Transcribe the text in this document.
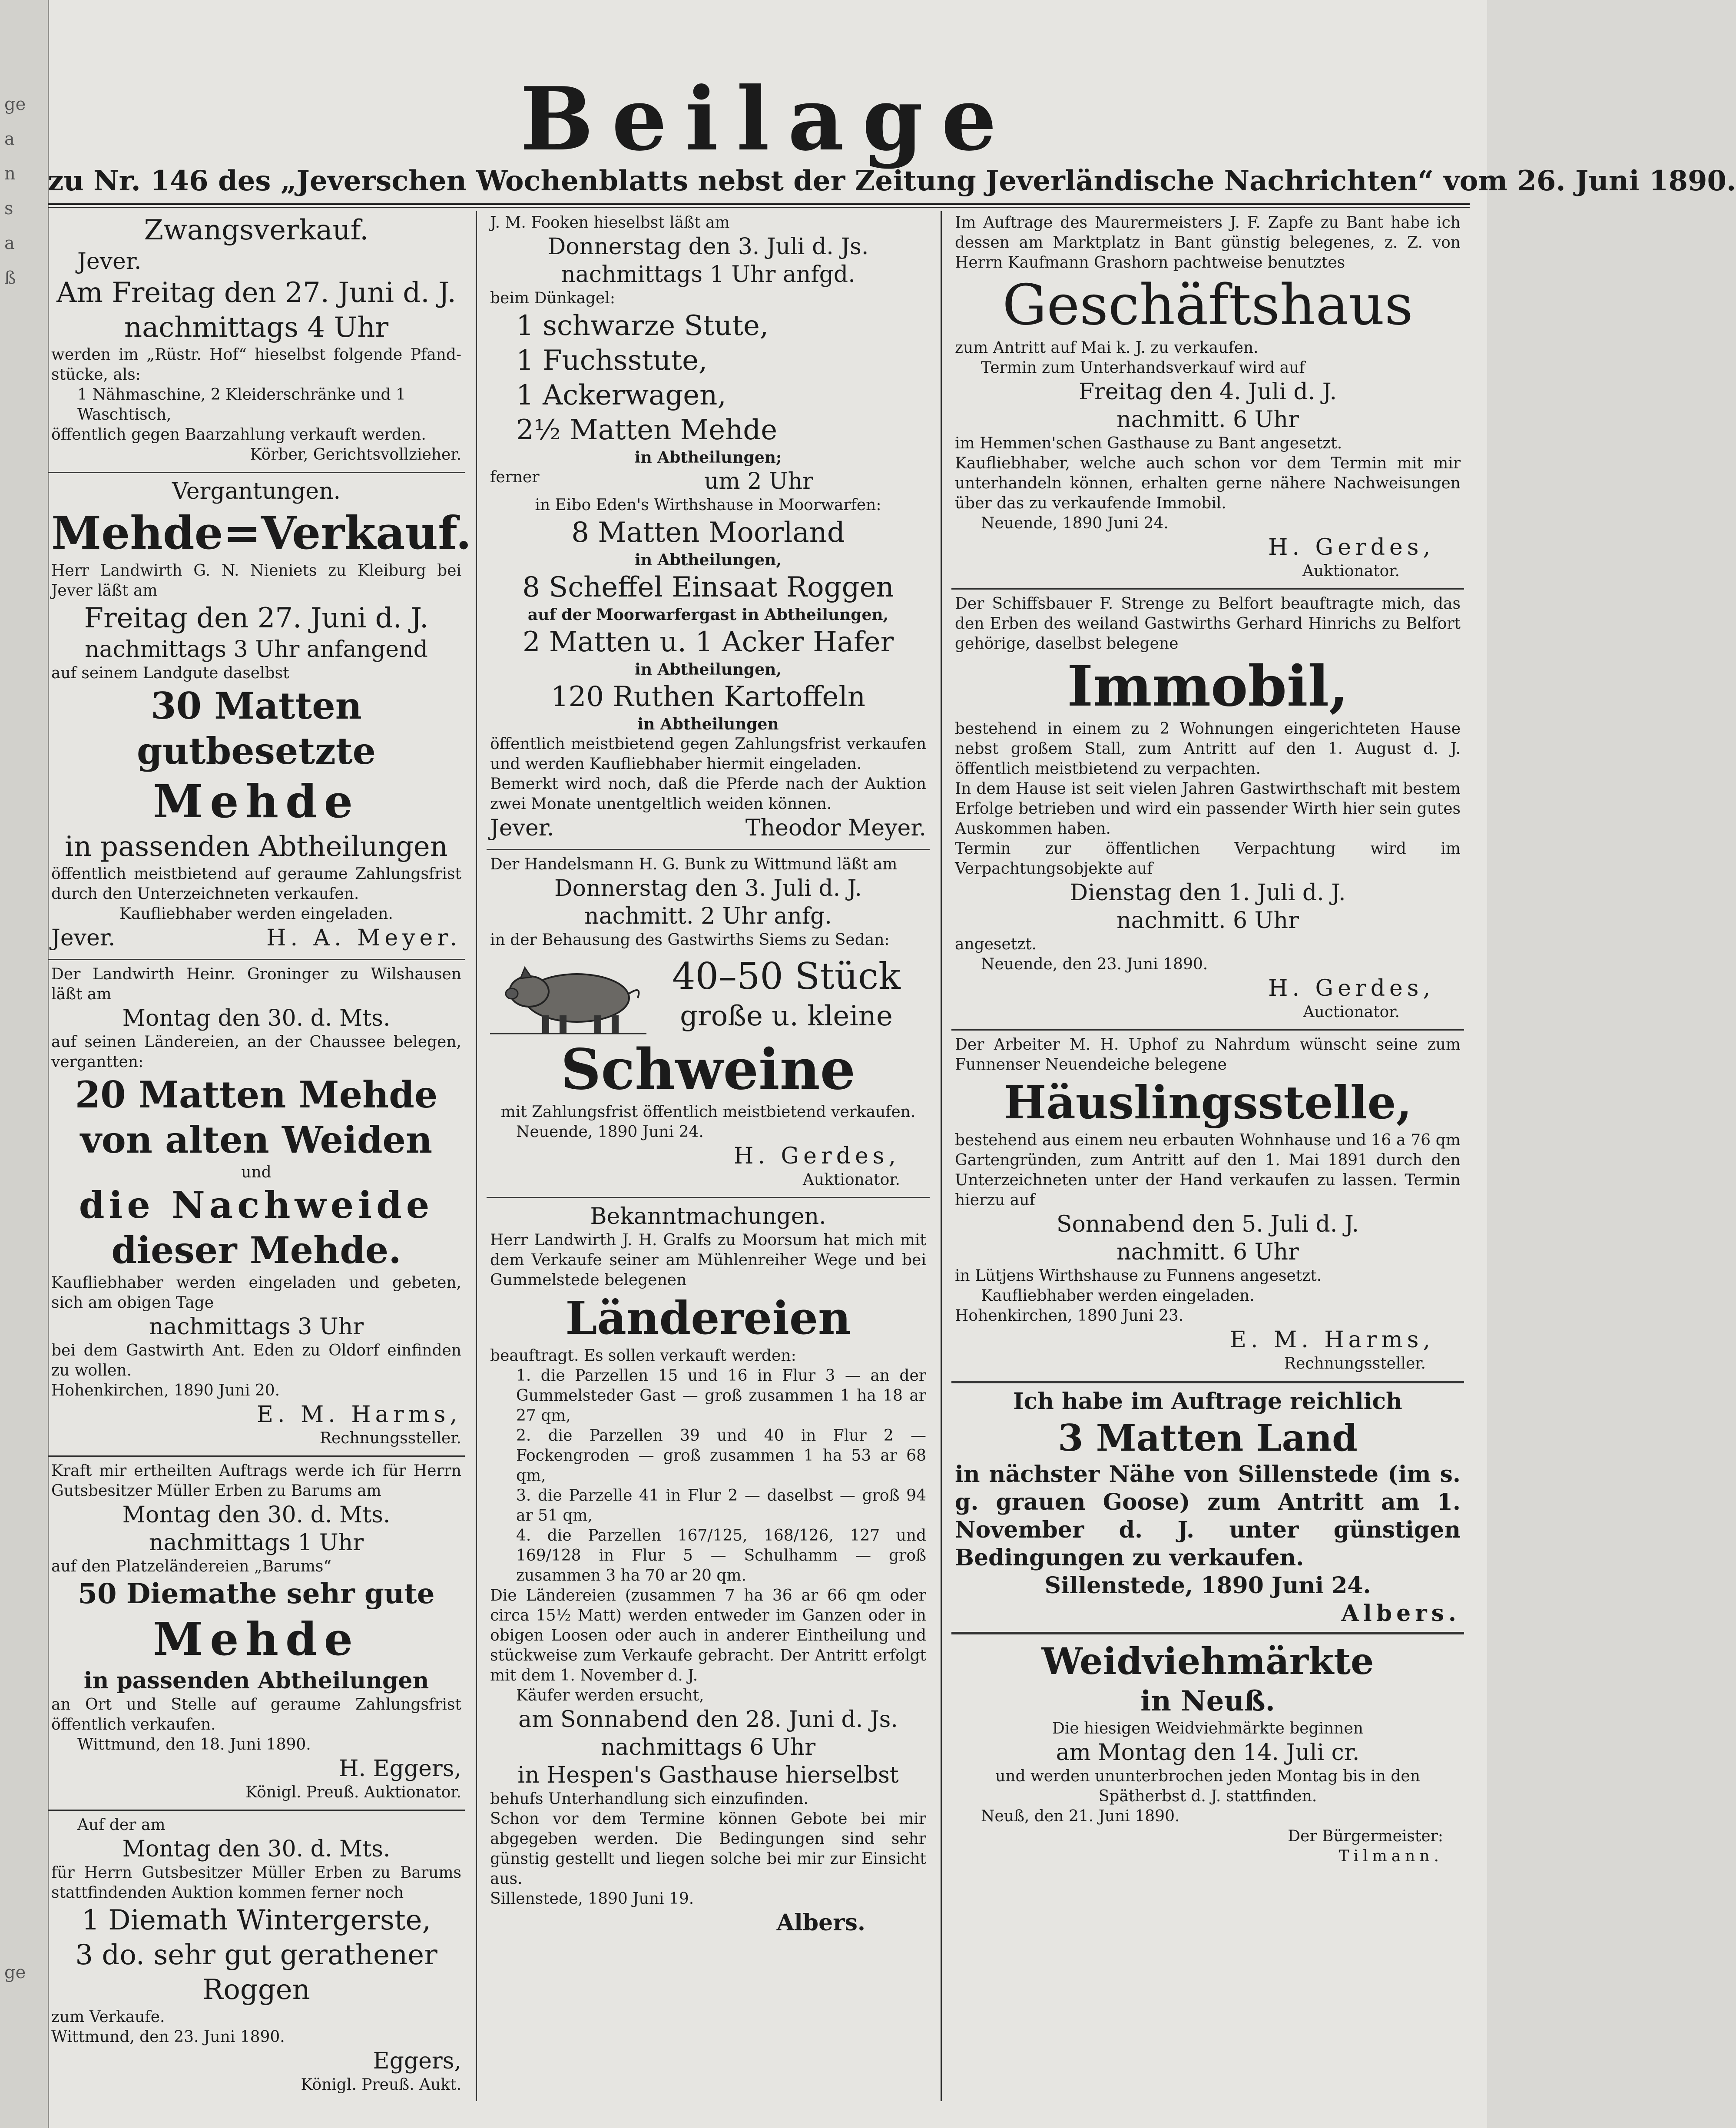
ge
a
n
s
a
ß
ge
Beilage
zu Nr. 146 des „Jeverschen Wochenblatts nebst der Zeitung Jeverländische Nachrichten“ vom 26. Juni 1890.

Zwangsverkauf.

Jever.

Am Freitag den 27. Juni d. J.

nachmittags 4 Uhr

werden im „Rüstr. Hof“ hieselbst folgende Pfand-stücke, als:

1 Nähmaschine, 2 Kleiderschränke und 1 Waschtisch,

öffentlich gegen Baarzahlung verkauft werden.

Körber, Gerichtsvollzieher.

Vergantungen.

Mehde=Verkauf.

Herr Landwirth G. N. Nieniets zu Kleiburg bei Jever läßt am

Freitag den 27. Juni d. J.

nachmittags 3 Uhr anfangend

auf seinem Landgute daselbst

30 Matten gutbesetzte

Mehde

in passenden Abtheilungen

öffentlich meistbietend auf geraume Zahlungsfrist durch den Unterzeichneten verkaufen.

Kaufliebhaber werden eingeladen.

Jever.	H. A. Meyer.

Der Landwirth Heinr. Groninger zu Wilshausen läßt am

Montag den 30. d. Mts.

auf seinen Ländereien, an der Chaussee belegen, vergantten:

20 Matten Mehde

von alten Weiden

und

die Nachweide

dieser Mehde.

Kaufliebhaber werden eingeladen und gebeten, sich am obigen Tage

nachmittags 3 Uhr

bei dem Gastwirth Ant. Eden zu Oldorf einfinden zu wollen.

Hohenkirchen, 1890 Juni 20.

E. M. Harms,

Rechnungssteller.

Kraft mir ertheilten Auftrags werde ich für Herrn Gutsbesitzer Müller Erben zu Barums am

Montag den 30. d. Mts.

nachmittags 1 Uhr

auf den Platzeländereien „Barums“

50 Diemathe sehr gute

Mehde

in passenden Abtheilungen

an Ort und Stelle auf geraume Zahlungsfrist öffentlich verkaufen.

Wittmund, den 18. Juni 1890.

H. Eggers,

Königl. Preuß. Auktionator.

Auf der am

Montag den 30. d. Mts.

für Herrn Gutsbesitzer Müller Erben zu Barums stattfindenden Auktion kommen ferner noch

1 Diemath Wintergerste,

3 do. sehr gut gerathener

Roggen

zum Verkaufe.

Wittmund, den 23. Juni 1890.

Eggers,

Königl. Preuß. Aukt.

J. M. Fooken hieselbst läßt am

Donnerstag den 3. Juli d. Js.

nachmittags 1 Uhr anfgd.

beim Dünkagel:

1 schwarze Stute,

1 Fuchsstute,

1 Ackerwagen,

2½ Matten Mehde

in Abtheilungen;

ferner	um 2 Uhr

in Eibo Eden's Wirthshause in Moorwarfen:

8 Matten Moorland

in Abtheilungen,

8 Scheffel Einsaat Roggen

auf der Moorwarfergast in Abtheilungen,

2 Matten u. 1 Acker Hafer

in Abtheilungen,

120 Ruthen Kartoffeln

in Abtheilungen

öffentlich meistbietend gegen Zahlungsfrist verkaufen und werden Kaufliebhaber hiermit eingeladen.

Bemerkt wird noch, daß die Pferde nach der Auktion zwei Monate unentgeltlich weiden können.

Jever.	Theodor Meyer.

Der Handelsmann H. G. Bunk zu Wittmund läßt am

Donnerstag den 3. Juli d. J.

nachmitt. 2 Uhr anfg.

in der Behausung des Gastwirths Siems zu Sedan:

40–50 Stück

große u. kleine

Schweine

mit Zahlungsfrist öffentlich meistbietend verkaufen.

Neuende, 1890 Juni 24.

H. Gerdes,

Auktionator.

Bekanntmachungen.

Herr Landwirth J. H. Gralfs zu Moorsum hat mich mit dem Verkaufe seiner am Mühlenreiher Wege und bei Gummelstede belegenen

Ländereien

beauftragt. Es sollen verkauft werden:

1. die Parzellen 15 und 16 in Flur 3 — an der Gummelsteder Gast — groß zusammen 1 ha 18 ar 27 qm,

2. die Parzellen 39 und 40 in Flur 2 — Fockengroden — groß zusammen 1 ha 53 ar 68 qm,

3. die Parzelle 41 in Flur 2 — daselbst — groß 94 ar 51 qm,

4. die Parzellen 167/125, 168/126, 127 und 169/128 in Flur 5 — Schulhamm — groß zusammen 3 ha 70 ar 20 qm.

Die Ländereien (zusammen 7 ha 36 ar 66 qm oder circa 15½ Matt) werden entweder im Ganzen oder in obigen Loosen oder auch in anderer Eintheilung und stückweise zum Verkaufe gebracht. Der Antritt erfolgt mit dem 1. November d. J.

Käufer werden ersucht,

am Sonnabend den 28. Juni d. Js.

nachmittags 6 Uhr

in Hespen's Gasthause hierselbst

behufs Unterhandlung sich einzufinden.

Schon vor dem Termine können Gebote bei mir abgegeben werden. Die Bedingungen sind sehr günstig gestellt und liegen solche bei mir zur Einsicht aus.

Sillenstede, 1890 Juni 19.

Albers.

Im Auftrage des Maurermeisters J. F. Zapfe zu Bant habe ich dessen am Marktplatz in Bant günstig belegenes, z. Z. von Herrn Kaufmann Grashorn pachtweise benutztes

Geschäftshaus

zum Antritt auf Mai k. J. zu verkaufen.

Termin zum Unterhandsverkauf wird auf

Freitag den 4. Juli d. J.

nachmitt. 6 Uhr

im Hemmen'schen Gasthause zu Bant angesetzt.

Kaufliebhaber, welche auch schon vor dem Termin mit mir unterhandeln können, erhalten gerne nähere Nachweisungen über das zu verkaufende Immobil.

Neuende, 1890 Juni 24.

H. Gerdes,

Auktionator.

Der Schiffsbauer F. Strenge zu Belfort beauftragte mich, das den Erben des weiland Gastwirths Gerhard Hinrichs zu Belfort gehörige, daselbst belegene

Immobil,

bestehend in einem zu 2 Wohnungen eingerichteten Hause nebst großem Stall, zum Antritt auf den 1. August d. J. öffentlich meistbietend zu verpachten.

In dem Hause ist seit vielen Jahren Gastwirthschaft mit bestem Erfolge betrieben und wird ein passender Wirth hier sein gutes Auskommen haben.

Termin zur öffentlichen Verpachtung wird im Verpachtungsobjekte auf

Dienstag den 1. Juli d. J.

nachmitt. 6 Uhr

angesetzt.

Neuende, den 23. Juni 1890.

H. Gerdes,

Auctionator.

Der Arbeiter M. H. Uphof zu Nahrdum wünscht seine zum Funnenser Neuendeiche belegene

Häuslingsstelle,

bestehend aus einem neu erbauten Wohnhause und 16 a 76 qm Gartengründen, zum Antritt auf den 1. Mai 1891 durch den Unterzeichneten unter der Hand verkaufen zu lassen. Termin hierzu auf

Sonnabend den 5. Juli d. J.

nachmitt. 6 Uhr

in Lütjens Wirthshause zu Funnens angesetzt.

Kaufliebhaber werden eingeladen.

Hohenkirchen, 1890 Juni 23.

E. M. Harms,

Rechnungssteller.

Ich habe im Auftrage reichlich

3 Matten Land

in nächster Nähe von Sillenstede (im s. g. grauen Goose) zum Antritt am 1. November d. J. unter günstigen Bedingungen zu verkaufen.

Sillenstede, 1890 Juni 24.

Albers.

Weidviehmärkte

in Neuß.

Die hiesigen Weidviehmärkte beginnen

am Montag den 14. Juli cr.

und werden ununterbrochen jeden Montag bis in den Spätherbst d. J. stattfinden.

Neuß, den 21. Juni 1890.

Der Bürgermeister:

Tilmann.
